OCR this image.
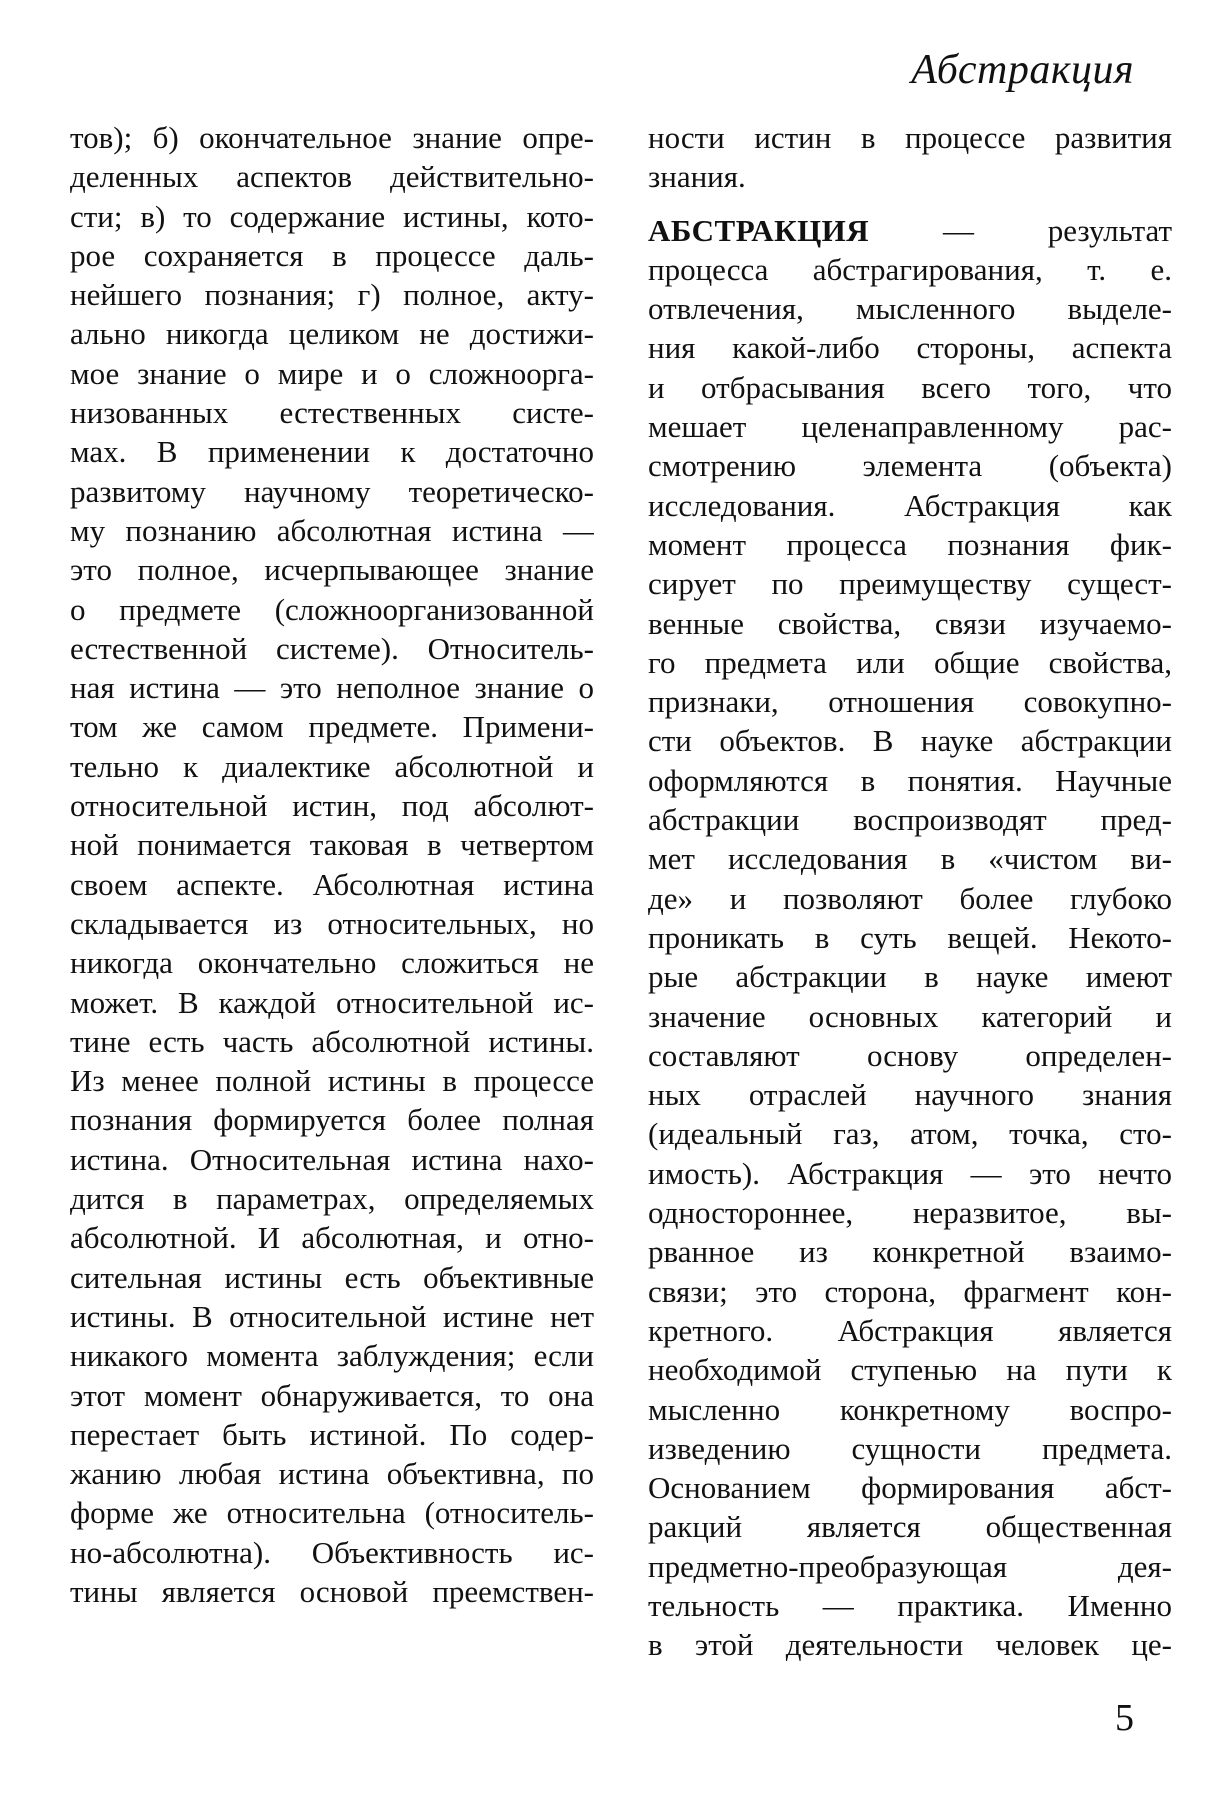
Абстракция
тов); б) окончательное знание опре-
деленных аспектов действительно-
сти; в) то содержание истины, кото-
рое сохраняется в процессе даль-
нейшего познания; г) полное, акту-
ально никогда целиком не достижи-
мое знание о мире и о сложноорга-
низованных естественных систе-
мах. В применении к достаточно
развитому научному теоретическо-
му познанию абсолютная истина —
это полное, исчерпывающее знание
о предмете (сложноорганизованной
естественной системе). Относитель-
ная истина — это неполное знание о
том же самом предмете. Примени-
тельно к диалектике абсолютной и
относительной истин, под абсолют-
ной понимается таковая в четвертом
своем аспекте. Абсолютная истина
складывается из относительных, но
никогда окончательно сложиться не
может. В каждой относительной ис-
тине есть часть абсолютной истины.
Из менее полной истины в процессе
познания формируется более полная
истина. Относительная истина нахо-
дится в параметрах, определяемых
абсолютной. И абсолютная, и отно-
сительная истины есть объективные
истины. В относительной истине нет
никакого момента заблуждения; если
этот момент обнаруживается, то она
перестает быть истиной. По содер-
жанию любая истина объективна, по
форме же относительна (относитель-
но-абсолютна). Объективность ис-
тины является основой преемствен-
ности истин в процессе развития
знания.
АБСТРАКЦИЯ — результат
процесса абстрагирования, т. е.
отвлечения, мысленного выделе-
ния какой-либо стороны, аспекта
и отбрасывания всего того, что
мешает целенаправленному рас-
смотрению элемента (объекта)
исследования. Абстракция как
момент процесса познания фик-
сирует по преимуществу сущест-
венные свойства, связи изучаемо-
го предмета или общие свойства,
признаки, отношения совокупно-
сти объектов. В науке абстракции
оформляются в понятия. Научные
абстракции воспроизводят пред-
мет исследования в «чистом ви-
де» и позволяют более глубоко
проникать в суть вещей. Некото-
рые абстракции в науке имеют
значение основных категорий и
составляют основу определен-
ных отраслей научного знания
(идеальный газ, атом, точка, сто-
имость). Абстракция — это нечто
одностороннее, неразвитое, вы-
рванное из конкретной взаимо-
связи; это сторона, фрагмент кон-
кретного. Абстракция является
необходимой ступенью на пути к
мысленно конкретному воспро-
изведению сущности предмета.
Основанием формирования абст-
ракций является общественная
предметно-преобразующая дея-
тельность — практика. Именно
в этой деятельности человек це-
5
